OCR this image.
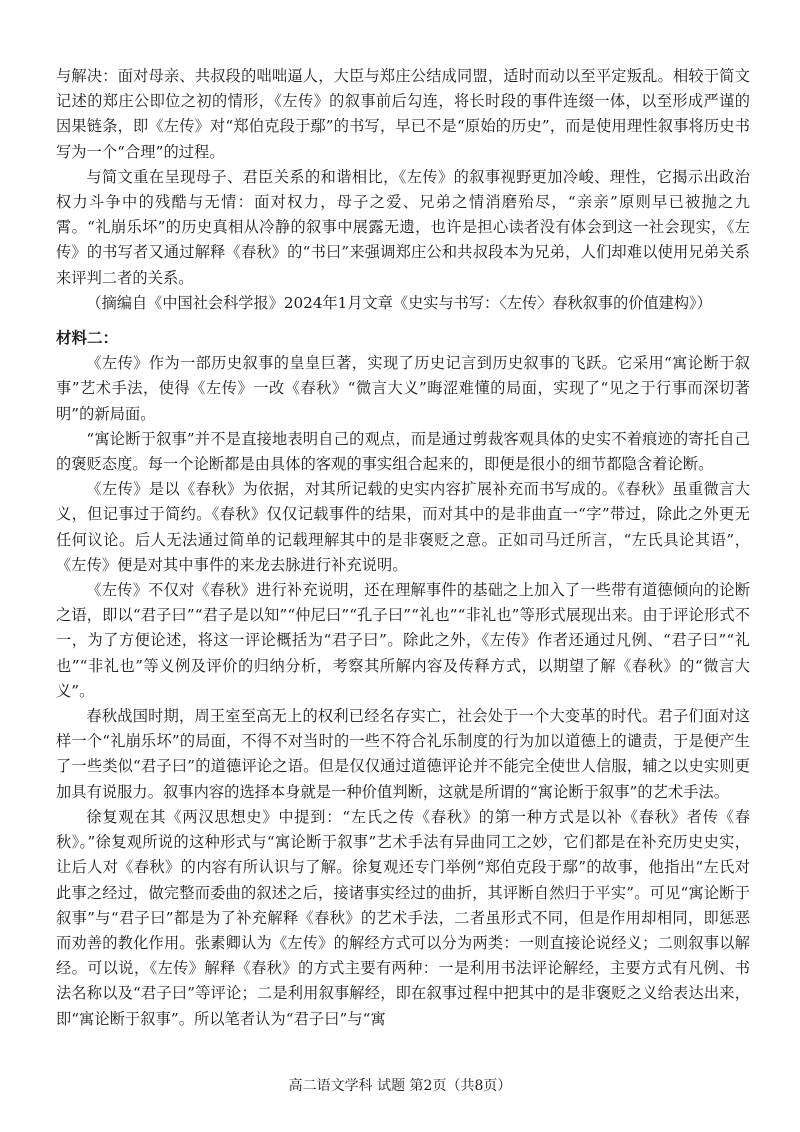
与解决：面对母亲、共叔段的咄咄逼人，大臣与郑庄公结成同盟，适时而动以至平定叛乱。相较于简文记述的郑庄公即位之初的情形，《左传》的叙事前后勾连，将长时段的事件连缀一体，以至形成严谨的因果链条，即《左传》对“郑伯克段于鄢”的书写，早已不是“原始的历史”，而是使用理性叙事将历史书写为一个“合理”的过程。

与简文重在呈现母子、君臣关系的和谐相比，《左传》的叙事视野更加冷峻、理性，它揭示出政治权力斗争中的残酷与无情：面对权力，母子之爱、兄弟之情消磨殆尽，“亲亲”原则早已被抛之九霄。“礼崩乐坏”的历史真相从冷静的叙事中展露无遗，也许是担心读者没有体会到这一社会现实，《左传》的书写者又通过解释《春秋》的“书曰”来强调郑庄公和共叔段本为兄弟，人们却难以使用兄弟关系来评判二者的关系。

（摘编自《中国社会科学报》2024年1月文章《史实与书写：〈左传〉春秋叙事的价值建构》）

材料二：

《左传》作为一部历史叙事的皇皇巨著，实现了历史记言到历史叙事的飞跃。它采用“寓论断于叙事”艺术手法，使得《左传》一改《春秋》“微言大义”晦涩难懂的局面，实现了“见之于行事而深切著明”的新局面。

“寓论断于叙事”并不是直接地表明自己的观点，而是通过剪裁客观具体的史实不着痕迹的寄托自己的褒贬态度。每一个论断都是由具体的客观的事实组合起来的，即便是很小的细节都隐含着论断。

《左传》是以《春秋》为依据，对其所记载的史实内容扩展补充而书写成的。《春秋》虽重微言大义，但记事过于简约。《春秋》仅仅记载事件的结果，而对其中的是非曲直一“字”带过，除此之外更无任何议论。后人无法通过简单的记载理解其中的是非褒贬之意。正如司马迁所言，“左氏具论其语”，《左传》便是对其中事件的来龙去脉进行补充说明。

《左传》不仅对《春秋》进行补充说明，还在理解事件的基础之上加入了一些带有道德倾向的论断之语，即以“君子曰”“君子是以知”“仲尼曰”“孔子曰”“礼也”“非礼也”等形式展现出来。由于评论形式不一，为了方便论述，将这一评论概括为“君子曰”。除此之外，《左传》作者还通过凡例、“君子曰”“礼也”“非礼也”等义例及评价的归纳分析，考察其所解内容及传释方式，以期望了解《春秋》的“微言大义”。

春秋战国时期，周王室至高无上的权利已经名存实亡，社会处于一个大变革的时代。君子们面对这样一个“礼崩乐坏”的局面，不得不对当时的一些不符合礼乐制度的行为加以道德上的谴责，于是便产生了一些类似“君子曰”的道德评论之语。但是仅仅通过道德评论并不能完全使世人信服，辅之以史实则更加具有说服力。叙事内容的选择本身就是一种价值判断，这就是所谓的“寓论断于叙事”的艺术手法。

徐复观在其《两汉思想史》中提到：“左氏之传《春秋》的第一种方式是以补《春秋》者传《春秋》。”徐复观所说的这种形式与“寓论断于叙事”艺术手法有异曲同工之妙，它们都是在补充历史史实，让后人对《春秋》的内容有所认识与了解。徐复观还专门举例“郑伯克段于鄢”的故事，他指出“左氏对此事之经过，做完整而委曲的叙述之后，接诸事实经过的曲折，其评断自然归于平实”。可见“寓论断于叙事”与“君子曰”都是为了补充解释《春秋》的艺术手法，二者虽形式不同，但是作用却相同，即惩恶而劝善的教化作用。张素卿认为《左传》的解经方式可以分为两类：一则直接论说经义；二则叙事以解经。可以说，《左传》解释《春秋》的方式主要有两种：一是利用书法评论解经，主要方式有凡例、书法名称以及“君子曰”等评论；二是利用叙事解经，即在叙事过程中把其中的是非褒贬之义给表达出来，即“寓论断于叙事”。所以笔者认为“君子曰”与“寓

高二语文学科 试题 第2页（共8页）
